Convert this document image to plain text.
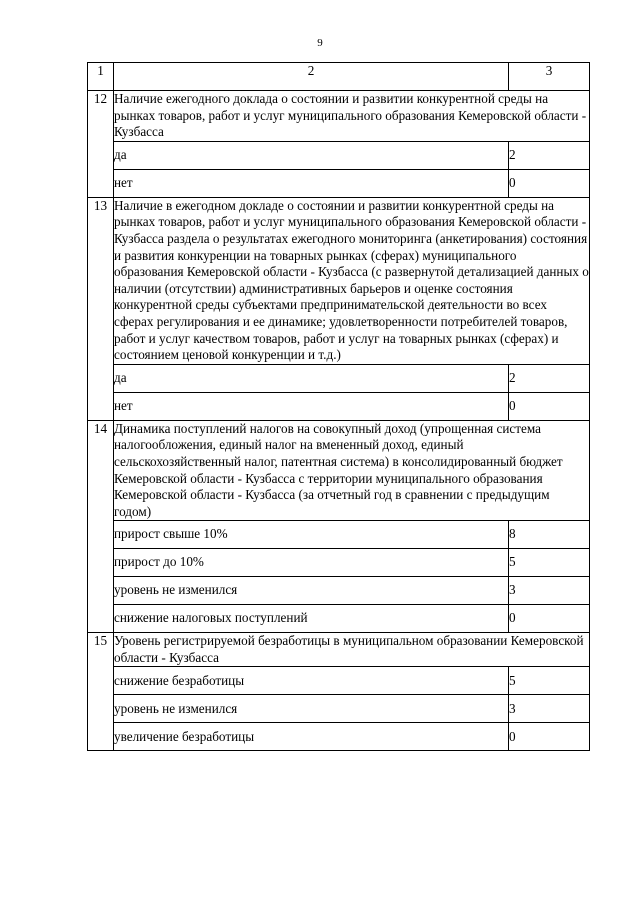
9
1	2	3
12	Наличие ежегодного доклада о состоянии и развитии конкурентной среды на рынках товаров, работ и услуг муниципального образования Кемеровской области - Кузбасса	
	да	2
	нет	0
13	Наличие в ежегодном докладе о состоянии и развитии конкурентной среды на рынках товаров, работ и услуг муниципального образования Кемеровской области - Кузбасса раздела о результатах ежегодного мониторинга (анкетирования) состояния и развития конкуренции на товарных рынках (сферах) муниципального образования Кемеровской области - Кузбасса (с развернутой детализацией данных о наличии (отсутствии) административных барьеров и оценке состояния конкурентной среды субъектами предпринимательской деятельности во всех сферах регулирования и ее динамике; удовлетворенности потребителей товаров, работ и услуг качеством товаров, работ и услуг на товарных рынках (сферах) и состоянием ценовой конкуренции и т.д.)	
	да	2
	нет	0
14	Динамика поступлений налогов на совокупный доход (упрощенная система налогообложения, единый налог на вмененный доход, единый сельскохозяйственный налог, патентная система) в консолидированный бюджет Кемеровской области - Кузбасса с территории муниципального образования Кемеровской области - Кузбасса (за отчетный год в сравнении с предыдущим годом)	
	прирост свыше 10%	8
	прирост до 10%	5
	уровень не изменился	3
	снижение налоговых поступлений	0
15	Уровень регистрируемой безработицы в муниципальном образовании Кемеровской области - Кузбасса	
	снижение безработицы	5
	уровень не изменился	3
	увеличение безработицы	0
